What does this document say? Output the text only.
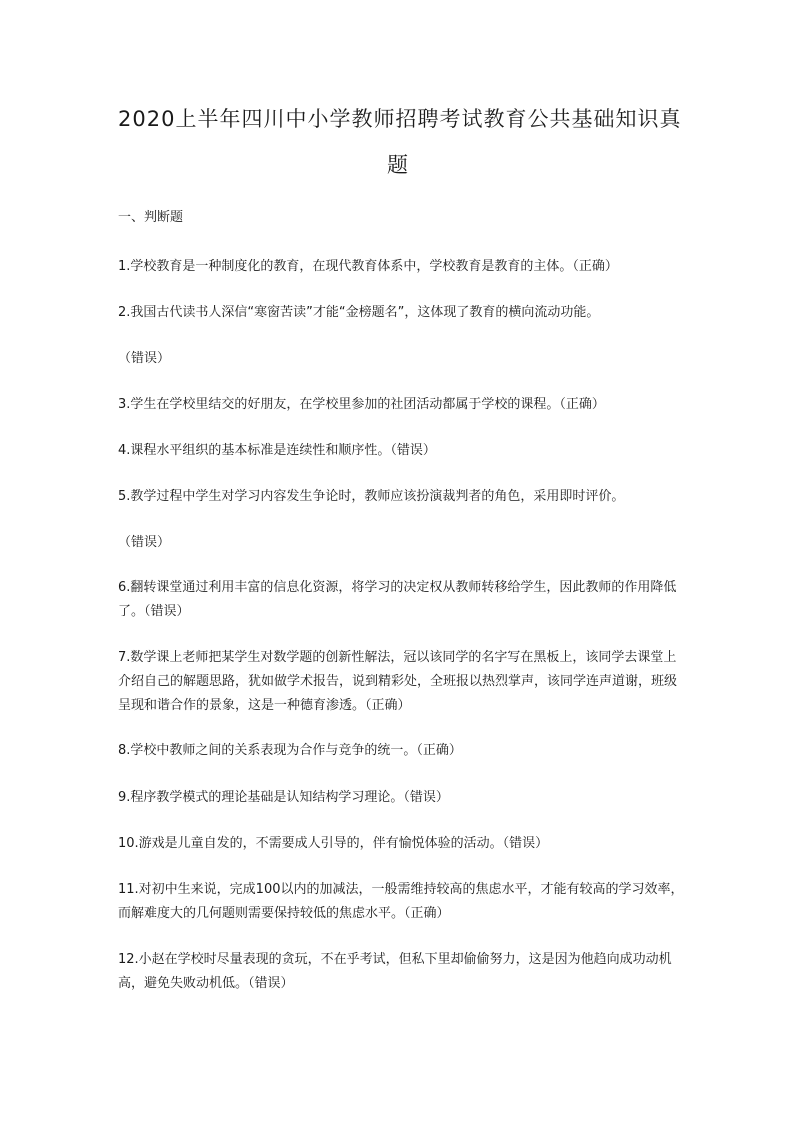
2020上半年四川中小学教师招聘考试教育公共基础知识真
题
一、判断题
1.学校教育是一种制度化的教育，在现代教育体系中，学校教育是教育的主体。（正确）
2.我国古代读书人深信“寒窗苦读”才能“金榜题名”，这体现了教育的横向流动功能。
（错误）
3.学生在学校里结交的好朋友，在学校里参加的社团活动都属于学校的课程。（正确）
4.课程水平组织的基本标准是连续性和顺序性。（错误）
5.教学过程中学生对学习内容发生争论时，教师应该扮演裁判者的角色，采用即时评价。
（错误）
6.翻转课堂通过利用丰富的信息化资源，将学习的决定权从教师转移给学生，因此教师的作用降低了。（错误）
7.数学课上老师把某学生对数学题的创新性解法，冠以该同学的名字写在黑板上，该同学去课堂上介绍自己的解题思路，犹如做学术报告，说到精彩处，全班报以热烈掌声，该同学连声道谢，班级呈现和谐合作的景象，这是一种德育渗透。（正确）
8.学校中教师之间的关系表现为合作与竞争的统一。（正确）
9.程序教学模式的理论基础是认知结构学习理论。（错误）
10.游戏是儿童自发的，不需要成人引导的，伴有愉悦体验的活动。（错误）
11.对初中生来说，完成100以内的加减法，一般需维持较高的焦虑水平，才能有较高的学习效率，而解难度大的几何题则需要保持较低的焦虑水平。（正确）
12.小赵在学校时尽量表现的贪玩，不在乎考试，但私下里却偷偷努力，这是因为他趋向成功动机高，避免失败动机低。（错误）
